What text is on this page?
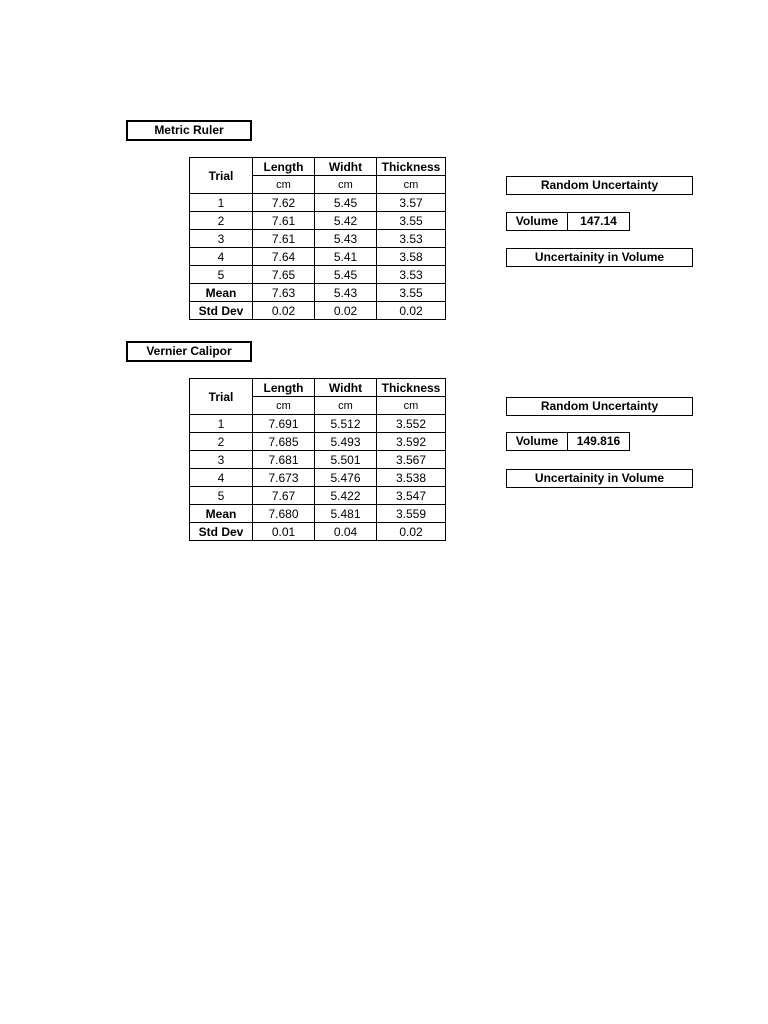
Metric Ruler
Trial	Length	Widht	Thickness
	cm	cm	cm
1	7.62	5.45	3.57
2	7.61	5.42	3.55
3	7.61	5.43	3.53
4	7.64	5.41	3.58
5	7.65	5.45	3.53
Mean	7.63	5.43	3.55
Std Dev	0.02	0.02	0.02
Random Uncertainty
Volume	147.14
Uncertainity in Volume
Vernier Calipor
Trial	Length	Widht	Thickness
	cm	cm	cm
1	7.691	5.512	3.552
2	7.685	5.493	3.592
3	7.681	5.501	3.567
4	7.673	5.476	3.538
5	7.67	5.422	3.547
Mean	7.680	5.481	3.559
Std Dev	0.01	0.04	0.02
Random Uncertainty
Volume	149.816
Uncertainity in Volume
